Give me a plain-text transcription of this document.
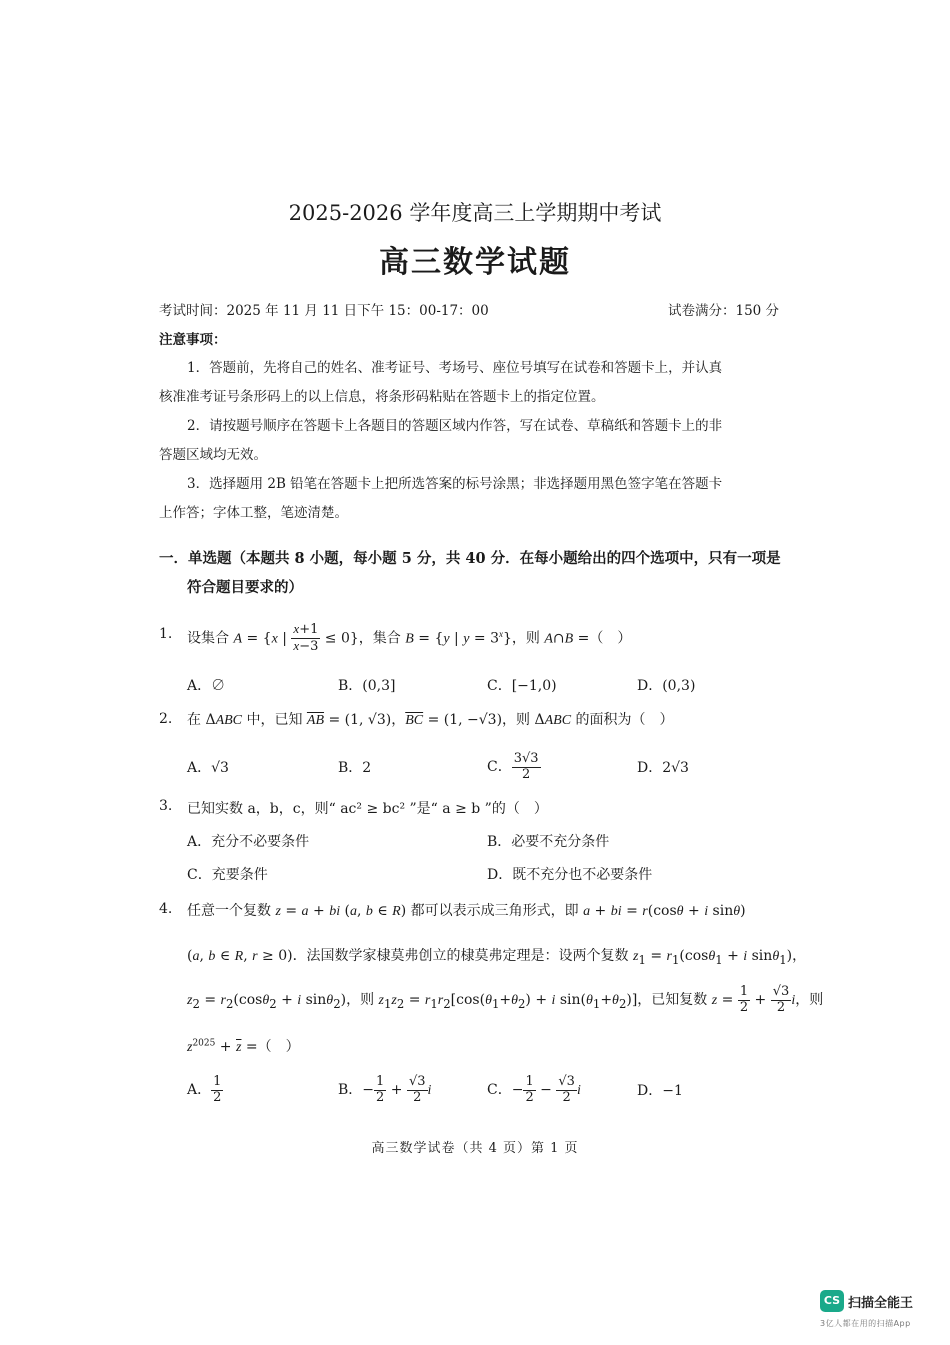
2025-2026 学年度高三上学期期中考试
高三数学试题
考试时间：2025 年 11 月 11 日下午 15：00-17：00	试卷满分：150 分
注意事项：
1．答题前，先将自己的姓名、准考证号、考场号、座位号填写在试卷和答题卡上，并认真
核准准考证号条形码上的以上信息，将条形码粘贴在答题卡上的指定位置。
2．请按题号顺序在答题卡上各题目的答题区域内作答，写在试卷、草稿纸和答题卡上的非
答题区域均无效。
3．选择题用 2B 铅笔在答题卡上把所选答案的标号涂黑；非选择题用黑色签字笔在答题卡
上作答；字体工整，笔迹清楚。
一．单选题（本题共 8 小题，每小题 5 分，共 40 分．在每小题给出的四个选项中，只有一项是
符合题目要求的）
1. 设集合 A = {x | $\frac{x+1}{x-3} \le 0$}，集合 B = {y | $y = 3^x$}，则 A∩B =（　）
A．∅	B．(0,3]	C．[−1,0)	D．(0,3)
2. 在 ΔABC 中，已知 $\overline{AB} = (1$, √3)，$\overline{BC} = (1$, −√3)，则 ΔABC 的面积为（　）
A．√3	B．2	C． $\frac{3√3}{2}$	D．2√3
3. 已知实数 a，b，c，则“ ac² ≥ bc² ”是“ a ≥ b ”的（　）
A．充分不必要条件	B．必要不充分条件
C．充要条件	D．既不充分也不必要条件
4. 任意一个复数 z = a + bi (a, b ∈ R) 都可以表示成三角形式，即 a + bi = r(cosθ + i sinθ)
(a, b ∈ R, r ≥ 0)．法国数学家棣莫弗创立的棣莫弗定理是：设两个复数 $z_1 = r_1(\cos\theta_1 + i$ sinθ$_1$)，
$z_2 = r_2(\cos\theta_2 + i$ sinθ$_2$)，则 $z_1z_2 = r_1r_2[\cos(\theta_1+\theta_2) + i$ $\sin(\theta_1+\theta_2)$]，已知复数 $z = \frac{1}{2} + \frac{√3}{2}$ i，则
$z^{2025} + \overline{z}$ =（　）
A． $\frac{1}{2}$	B．− $\frac{1}{2} + \frac{√3}{2}$ i	C．− $\frac{1}{2} - \frac{√3}{2}$ i	D．−1
高三数学试卷（共 4 页）第 1 页
CS 扫描全能王
3亿人都在用的扫描App
